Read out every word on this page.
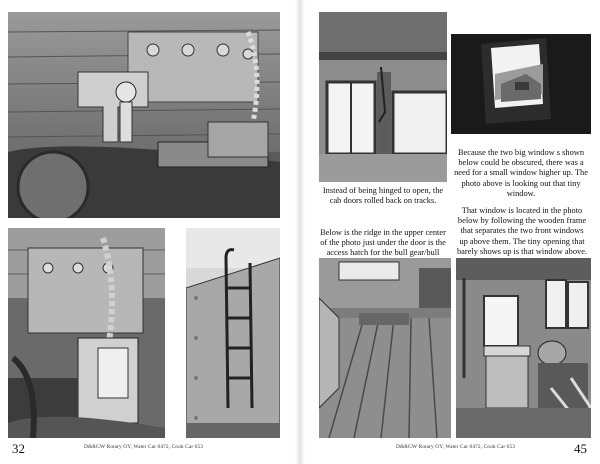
32	D&RGW Rotary OY, Water Car 0472, Cook Car 053

Instead of being hinged to open, the cab doors rolled back on tracks.

Because the two big window s shown below could be obscured, there was a need for a small window higher up. The photo above is looking out that tiny window.

Below is the ridge in the upper center of the photo just under the door is the access hatch for the bull gear/bull

That window is located in the photo below by following the wooden frame that separates the two front windows up above them. The tiny opening that barely shows up is that window above.

45
D&RGW Rotary OY, Water Car 0472, Cook Car 053
